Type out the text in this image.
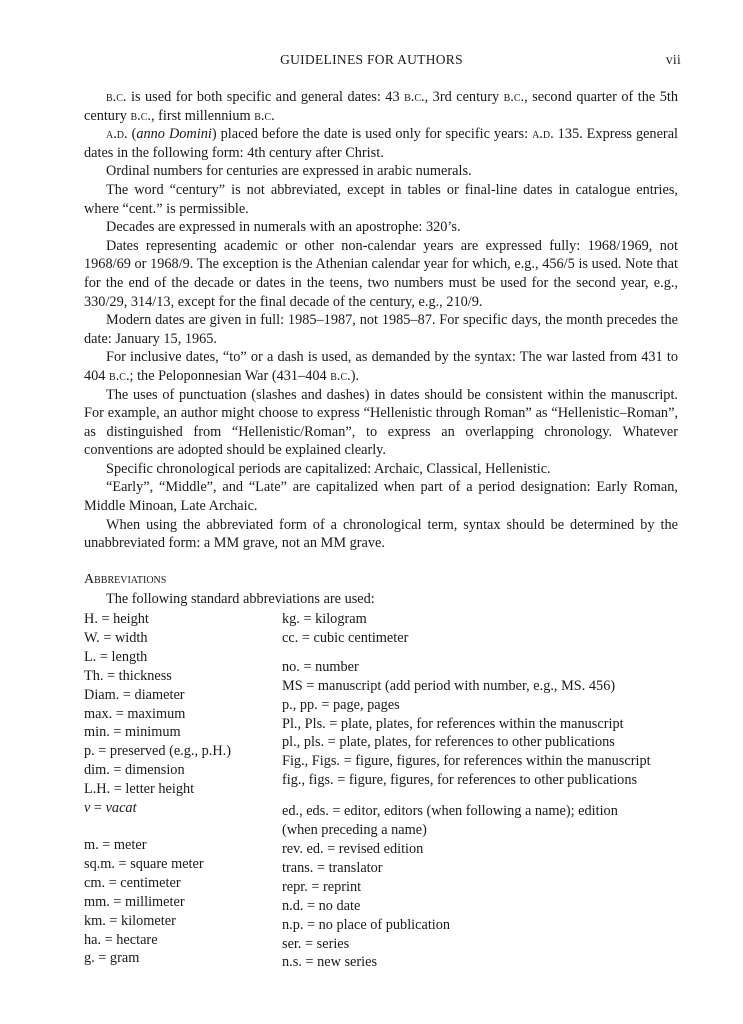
GUIDELINES FOR AUTHORS	vii

b.c. is used for both specific and general dates: 43 b.c., 3rd century b.c., second quarter of the 5th century b.c., first millennium b.c.

a.d. (anno Domini) placed before the date is used only for specific years: a.d. 135. Express general dates in the following form: 4th century after Christ.

Ordinal numbers for centuries are expressed in arabic numerals.

The word “century” is not abbreviated, except in tables or final-line dates in catalogue entries, where “cent.” is permissible.

Decades are expressed in numerals with an apostrophe: 320’s.

Dates representing academic or other non-calendar years are expressed fully: 1968/1969, not 1968/69 or 1968/9. The exception is the Athenian calendar year for which, e.g., 456/5 is used. Note that for the end of the decade or dates in the teens, two numbers must be used for the second year, e.g., 330/29, 314/13, except for the final decade of the century, e.g., 210/9.

Modern dates are given in full: 1985–1987, not 1985–87. For specific days, the month precedes the date: January 15, 1965.

For inclusive dates, “to” or a dash is used, as demanded by the syntax: The war lasted from 431 to 404 b.c.; the Peloponnesian War (431–404 b.c.).

The uses of punctuation (slashes and dashes) in dates should be consistent within the manuscript. For example, an author might choose to express “Hellenistic through Roman” as “Hellenistic–Roman”, as distinguished from “Hellenistic/Roman”, to express an overlapping chronology. Whatever conventions are adopted should be explained clearly.

Specific chronological periods are capitalized: Archaic, Classical, Hellenistic.

“Early”, “Middle”, and “Late” are capitalized when part of a period designation: Early Roman, Middle Minoan, Late Archaic.

When using the abbreviated form of a chronological term, syntax should be determined by the unabbreviated form: a MM grave, not an MM grave.

Abbreviations
The following standard abbreviations are used:
H. = height
W. = width
L. = length
Th. = thickness
Diam. = diameter
max. = maximum
min. = minimum
p. = preserved (e.g., p.H.)
dim. = dimension
L.H. = letter height
v = vacat
m. = meter
sq.m. = square meter
cm. = centimeter
mm. = millimeter
km. = kilometer
ha. = hectare
g. = gram
kg. = kilogram
cc. = cubic centimeter
no. = number
MS = manuscript (add period with number, e.g., MS. 456)
p., pp. = page, pages
Pl., Pls. = plate, plates, for references within the manuscript
pl., pls. = plate, plates, for references to other publications
Fig., Figs. = figure, figures, for references within the manuscript
fig., figs. = figure, figures, for references to other publications
ed., eds. = editor, editors (when following a name); edition
(when preceding a name)
rev. ed. = revised edition
trans. = translator
repr. = reprint
n.d. = no date
n.p. = no place of publication
ser. = series
n.s. = new series
